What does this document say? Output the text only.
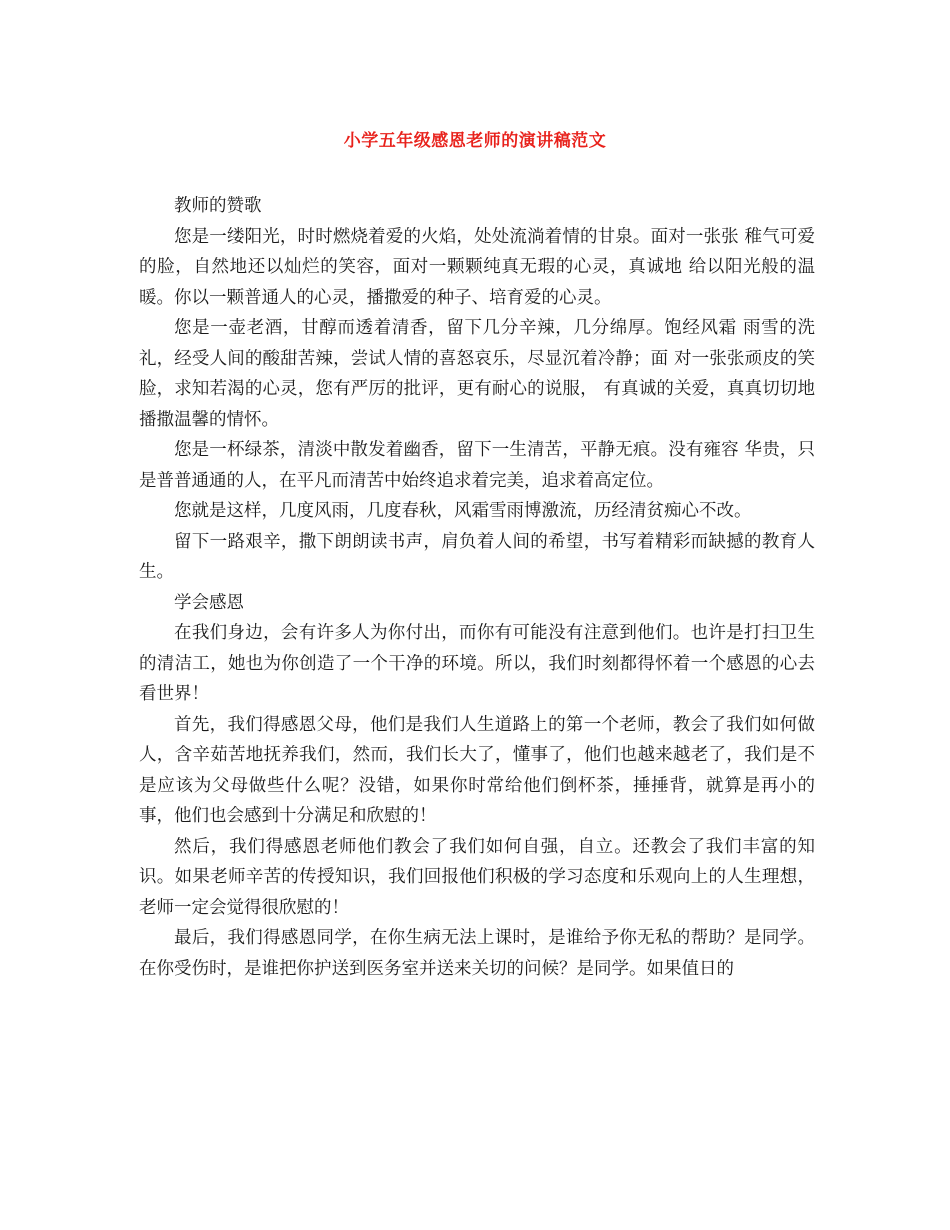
小学五年级感恩老师的演讲稿范文

教师的赞歌

您是一缕阳光，时时燃烧着爱的火焰，处处流淌着情的甘泉。面对一张张 稚气可爱的脸，自然地还以灿烂的笑容，面对一颗颗纯真无瑕的心灵，真诚地 给以阳光般的温暖。你以一颗普通人的心灵，播撒爱的种子、培育爱的心灵。

您是一壶老酒，甘醇而透着清香，留下几分辛辣，几分绵厚。饱经风霜 雨雪的洗礼，经受人间的酸甜苦辣，尝试人情的喜怒哀乐，尽显沉着冷静；面 对一张张顽皮的笑脸，求知若渴的心灵，您有严厉的批评，更有耐心的说服， 有真诚的关爱，真真切切地播撒温馨的情怀。

您是一杯绿茶，清淡中散发着幽香，留下一生清苦，平静无痕。没有雍容 华贵，只是普普通通的人，在平凡而清苦中始终追求着完美，追求着高定位。

您就是这样，几度风雨，几度春秋，风霜雪雨博激流，历经清贫痴心不改。

留下一路艰辛，撒下朗朗读书声，肩负着人间的希望，书写着精彩而缺撼的教育人生。

学会感恩

在我们身边，会有许多人为你付出，而你有可能没有注意到他们。也许是打扫卫生的清洁工，她也为你创造了一个干净的环境。所以，我们时刻都得怀着一个感恩的心去看世界！

首先，我们得感恩父母，他们是我们人生道路上的第一个老师，教会了我们如何做人，含辛茹苦地抚养我们，然而，我们长大了，懂事了，他们也越来越老了，我们是不是应该为父母做些什么呢？没错，如果你时常给他们倒杯茶，捶捶背，就算是再小的事，他们也会感到十分满足和欣慰的！

然后，我们得感恩老师他们教会了我们如何自强，自立。还教会了我们丰富的知识。如果老师辛苦的传授知识，我们回报他们积极的学习态度和乐观向上的人生理想，老师一定会觉得很欣慰的！

最后，我们得感恩同学，在你生病无法上课时，是谁给予你无私的帮助？是同学。在你受伤时，是谁把你护送到医务室并送来关切的问候？是同学。如果值日的
